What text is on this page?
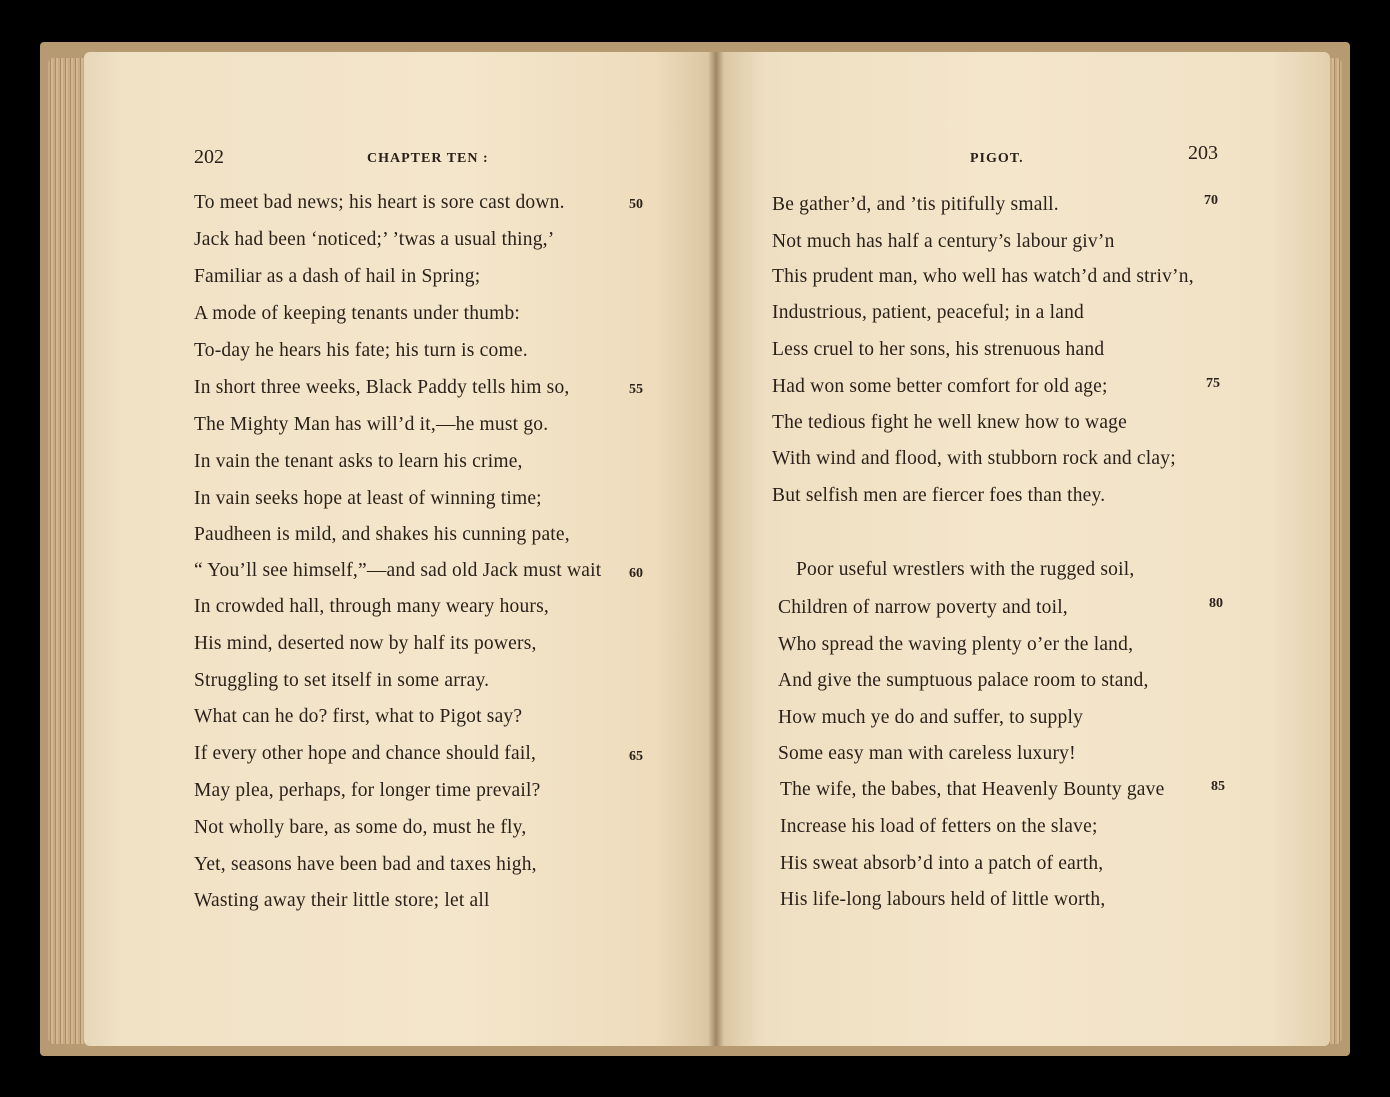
202	CHAPTER TEN :
To meet bad news; his heart is sore cast down.
Jack had been ‘noticed;’ ’twas a usual thing,’
Familiar as a dash of hail in Spring;
A mode of keeping tenants under thumb:
To-day he hears his fate; his turn is come.
In short three weeks, Black Paddy tells him so,
The Mighty Man has will’d it,—he must go.
In vain the tenant asks to learn his crime,
In vain seeks hope at least of winning time;
Paudheen is mild, and shakes his cunning pate,
“ You’ll see himself,”—and sad old Jack must wait
In crowded hall, through many weary hours,
His mind, deserted now by half its powers,
Struggling to set itself in some array.
What can he do? first, what to Pigot say?
If every other hope and chance should fail,
May plea, perhaps, for longer time prevail?
Not wholly bare, as some do, must he fly,
Yet, seasons have been bad and taxes high,
Wasting away their little store; let all
50
55
60
65
PIGOT.	203
Be gather’d, and ’tis pitifully small.
Not much has half a century’s labour giv’n
This prudent man, who well has watch’d and striv’n,
Industrious, patient, peaceful; in a land
Less cruel to her sons, his strenuous hand
Had won some better comfort for old age;
The tedious fight he well knew how to wage
With wind and flood, with stubborn rock and clay;
But selfish men are fiercer foes than they.
Poor useful wrestlers with the rugged soil,
Children of narrow poverty and toil,
Who spread the waving plenty o’er the land,
And give the sumptuous palace room to stand,
How much ye do and suffer, to supply
Some easy man with careless luxury!
The wife, the babes, that Heavenly Bounty gave
Increase his load of fetters on the slave;
His sweat absorb’d into a patch of earth,
His life-long labours held of little worth,
70
75
80
85
